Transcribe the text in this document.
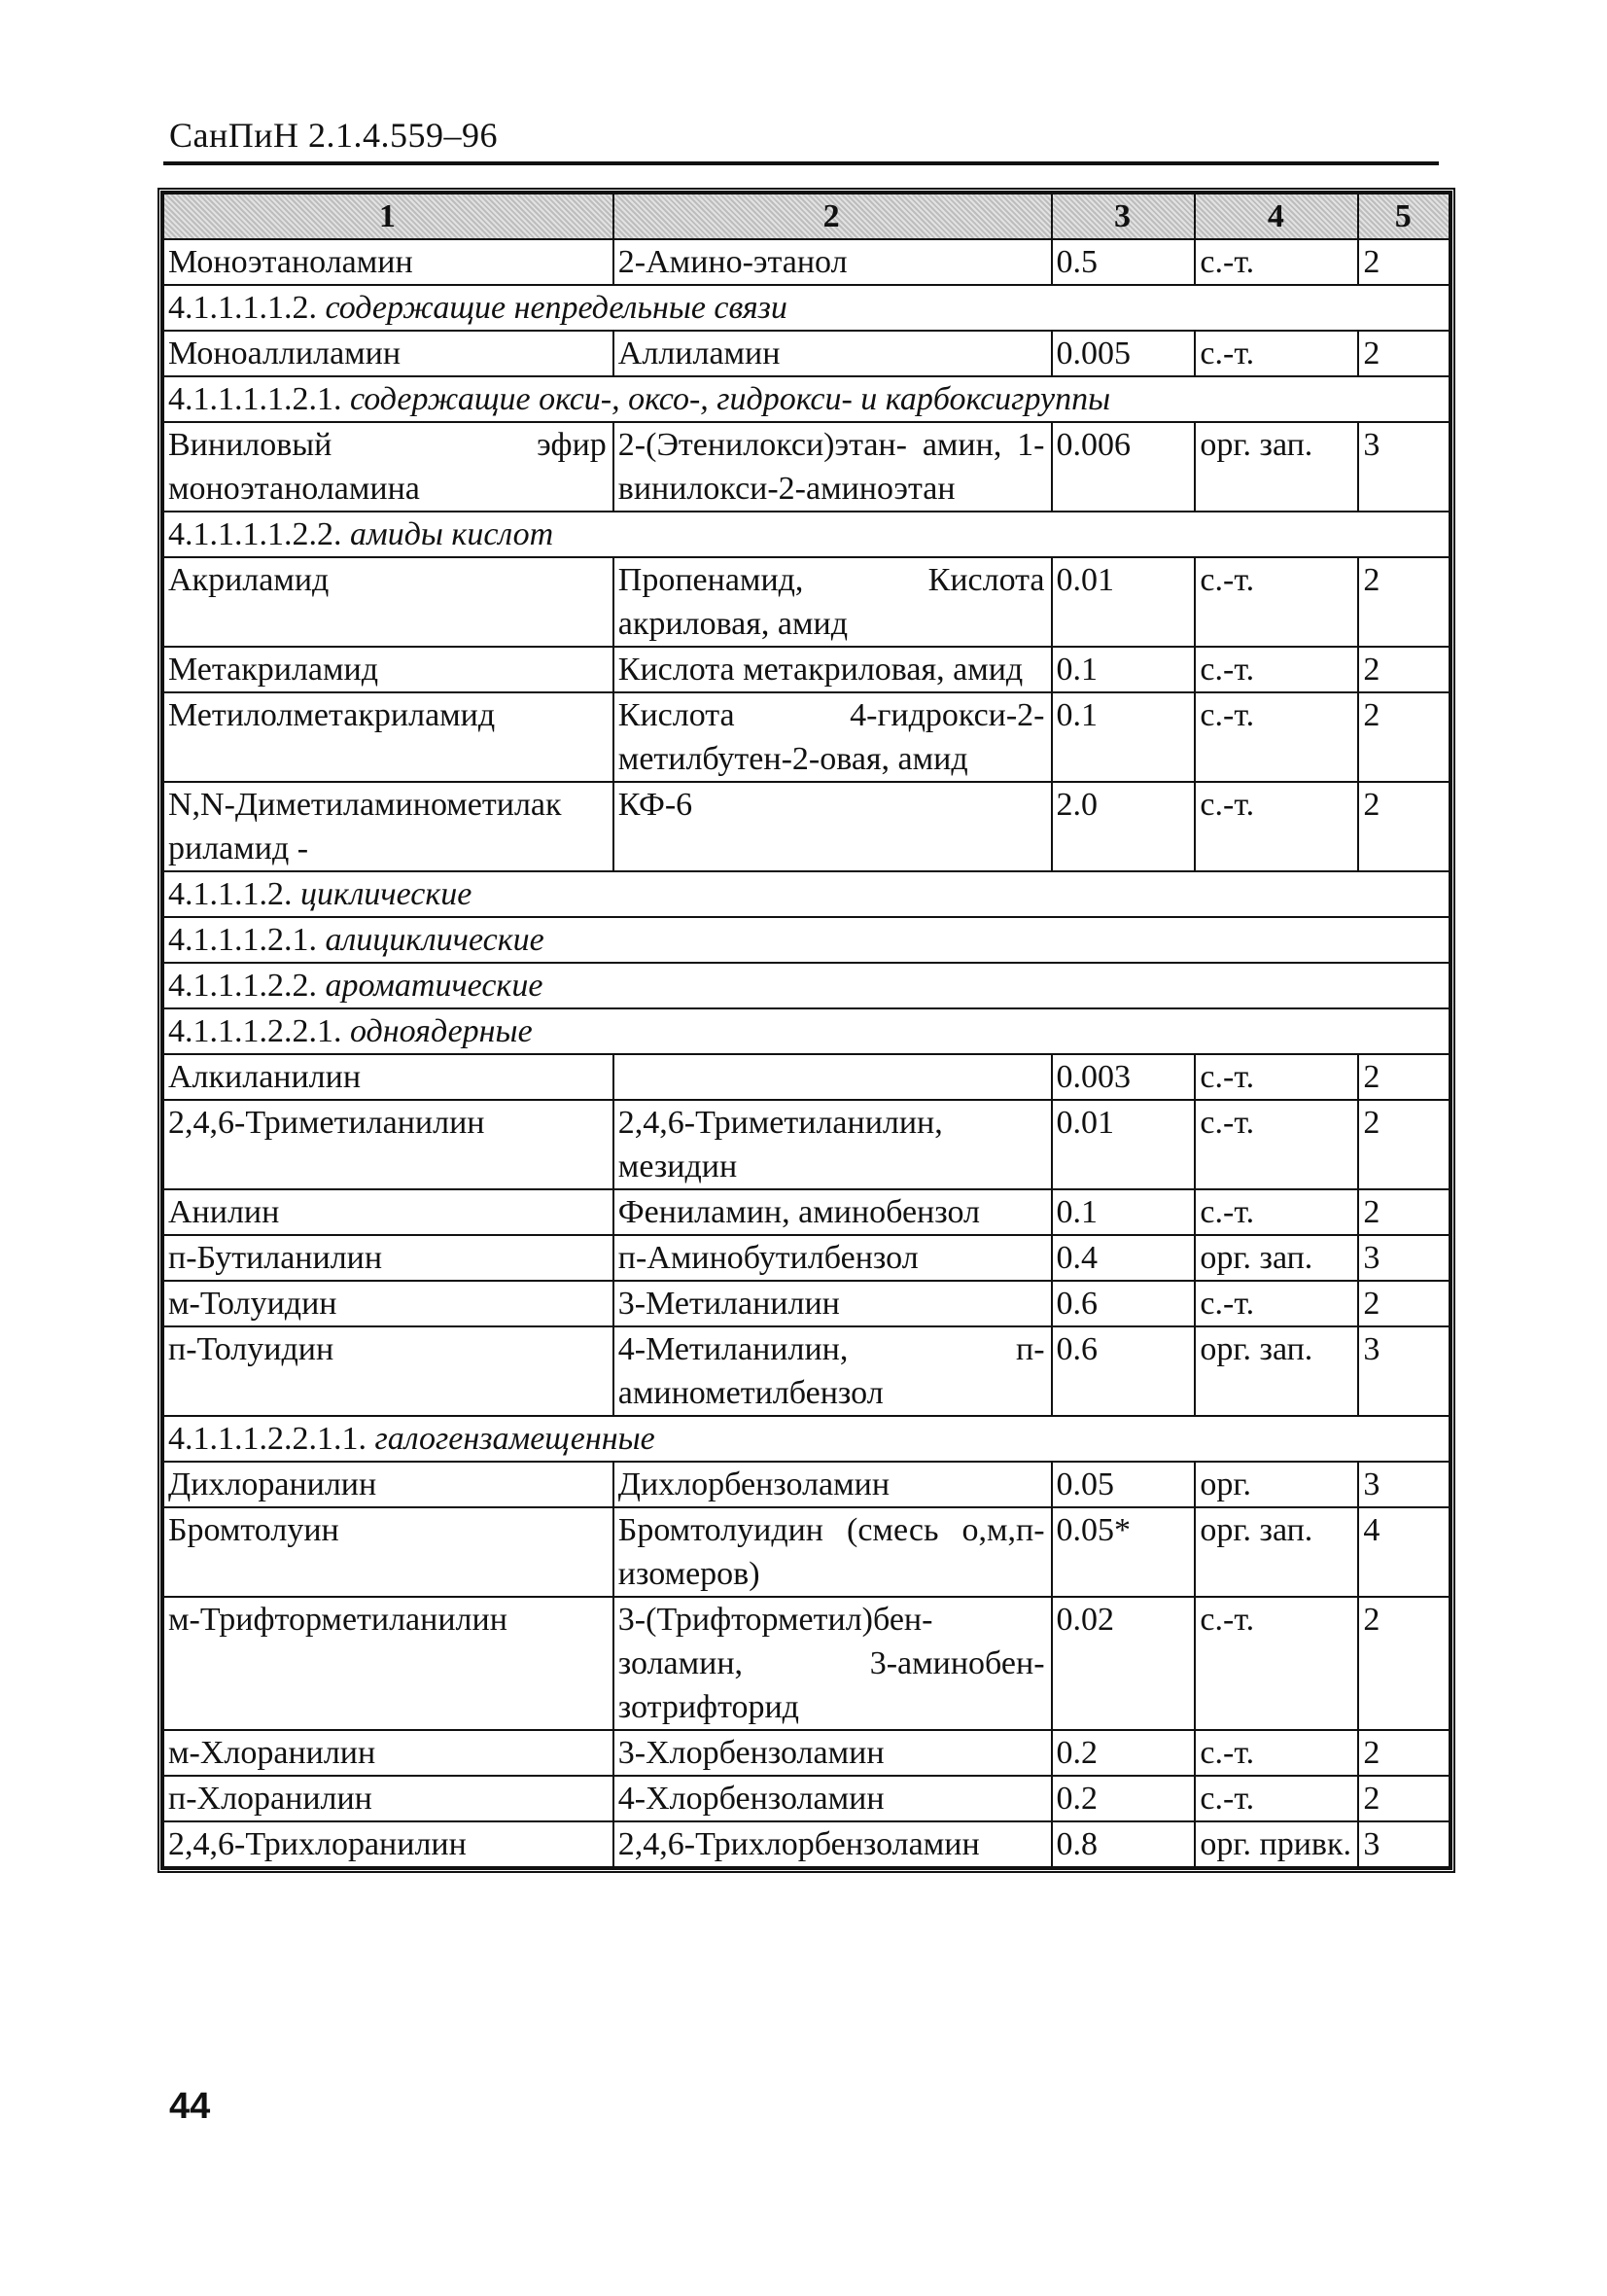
СанПиН 2.1.4.559–96
1	2	3	4	5
Моноэтаноламин	2-Амино-этанол	0.5	с.-т.	2
4.1.1.1.1.2. содержащие непредельные связи				
Моноаллиламин	Аллиламин	0.005	с.-т.	2
4.1.1.1.1.2.1. содержащие окси-, оксо-, гидрокси- и карбоксигруппы				
Виниловый эфир моноэтаноламина	2-(Этенилокси)этан- амин, 1-винилокси-2-аминоэтан	0.006	орг. зап.	3
4.1.1.1.1.2.2. амиды кислот				
Акриламид	Пропенамид, Кислота акриловая, амид	0.01	с.-т.	2
Метакриламид	Кислота метакриловая, амид	0.1	с.-т.	2
Метилолметакриламид	Кислота 4-гидрокси-2- метилбутен-2-овая, амид	0.1	с.-т.	2
N,N-Диметиламинометилак риламид -	КФ-6	2.0	с.-т.	2
4.1.1.1.2. циклические				
4.1.1.1.2.1. алициклические				
4.1.1.1.2.2. ароматические				
4.1.1.1.2.2.1. одноядерные				
Алкиланилин		0.003	с.-т.	2
2,4,6-Триметиланилин	2,4,6-Триметиланилин, мезидин	0.01	с.-т.	2
Анилин	Фениламин, аминобензол	0.1	с.-т.	2
п-Бутиланилин	п-Аминобутилбензол	0.4	орг. зап.	3
м-Толуидин	3-Метиланилин	0.6	с.-т.	2
п-Толуидин	4-Метиланилин, п-аминометилбензол	0.6	орг. зап.	3
4.1.1.1.2.2.1.1. галогензамещенные				
Дихлоранилин	Дихлорбензоламин	0.05	орг.	3
Бромтолуин	Бромтолуидин (смесь о,м,п-изомеров)	0.05*	орг. зап.	4
м-Трифторметиланилин	3-(Трифторметил)бен- золамин, 3-аминобен- зотрифторид	0.02	с.-т.	2
м-Хлоранилин	3-Хлорбензоламин	0.2	с.-т.	2
п-Хлоранилин	4-Хлорбензоламин	0.2	с.-т.	2
2,4,6-Трихлоранилин	2,4,6-Трихлорбензоламин	0.8	орг. привк.	3
44
